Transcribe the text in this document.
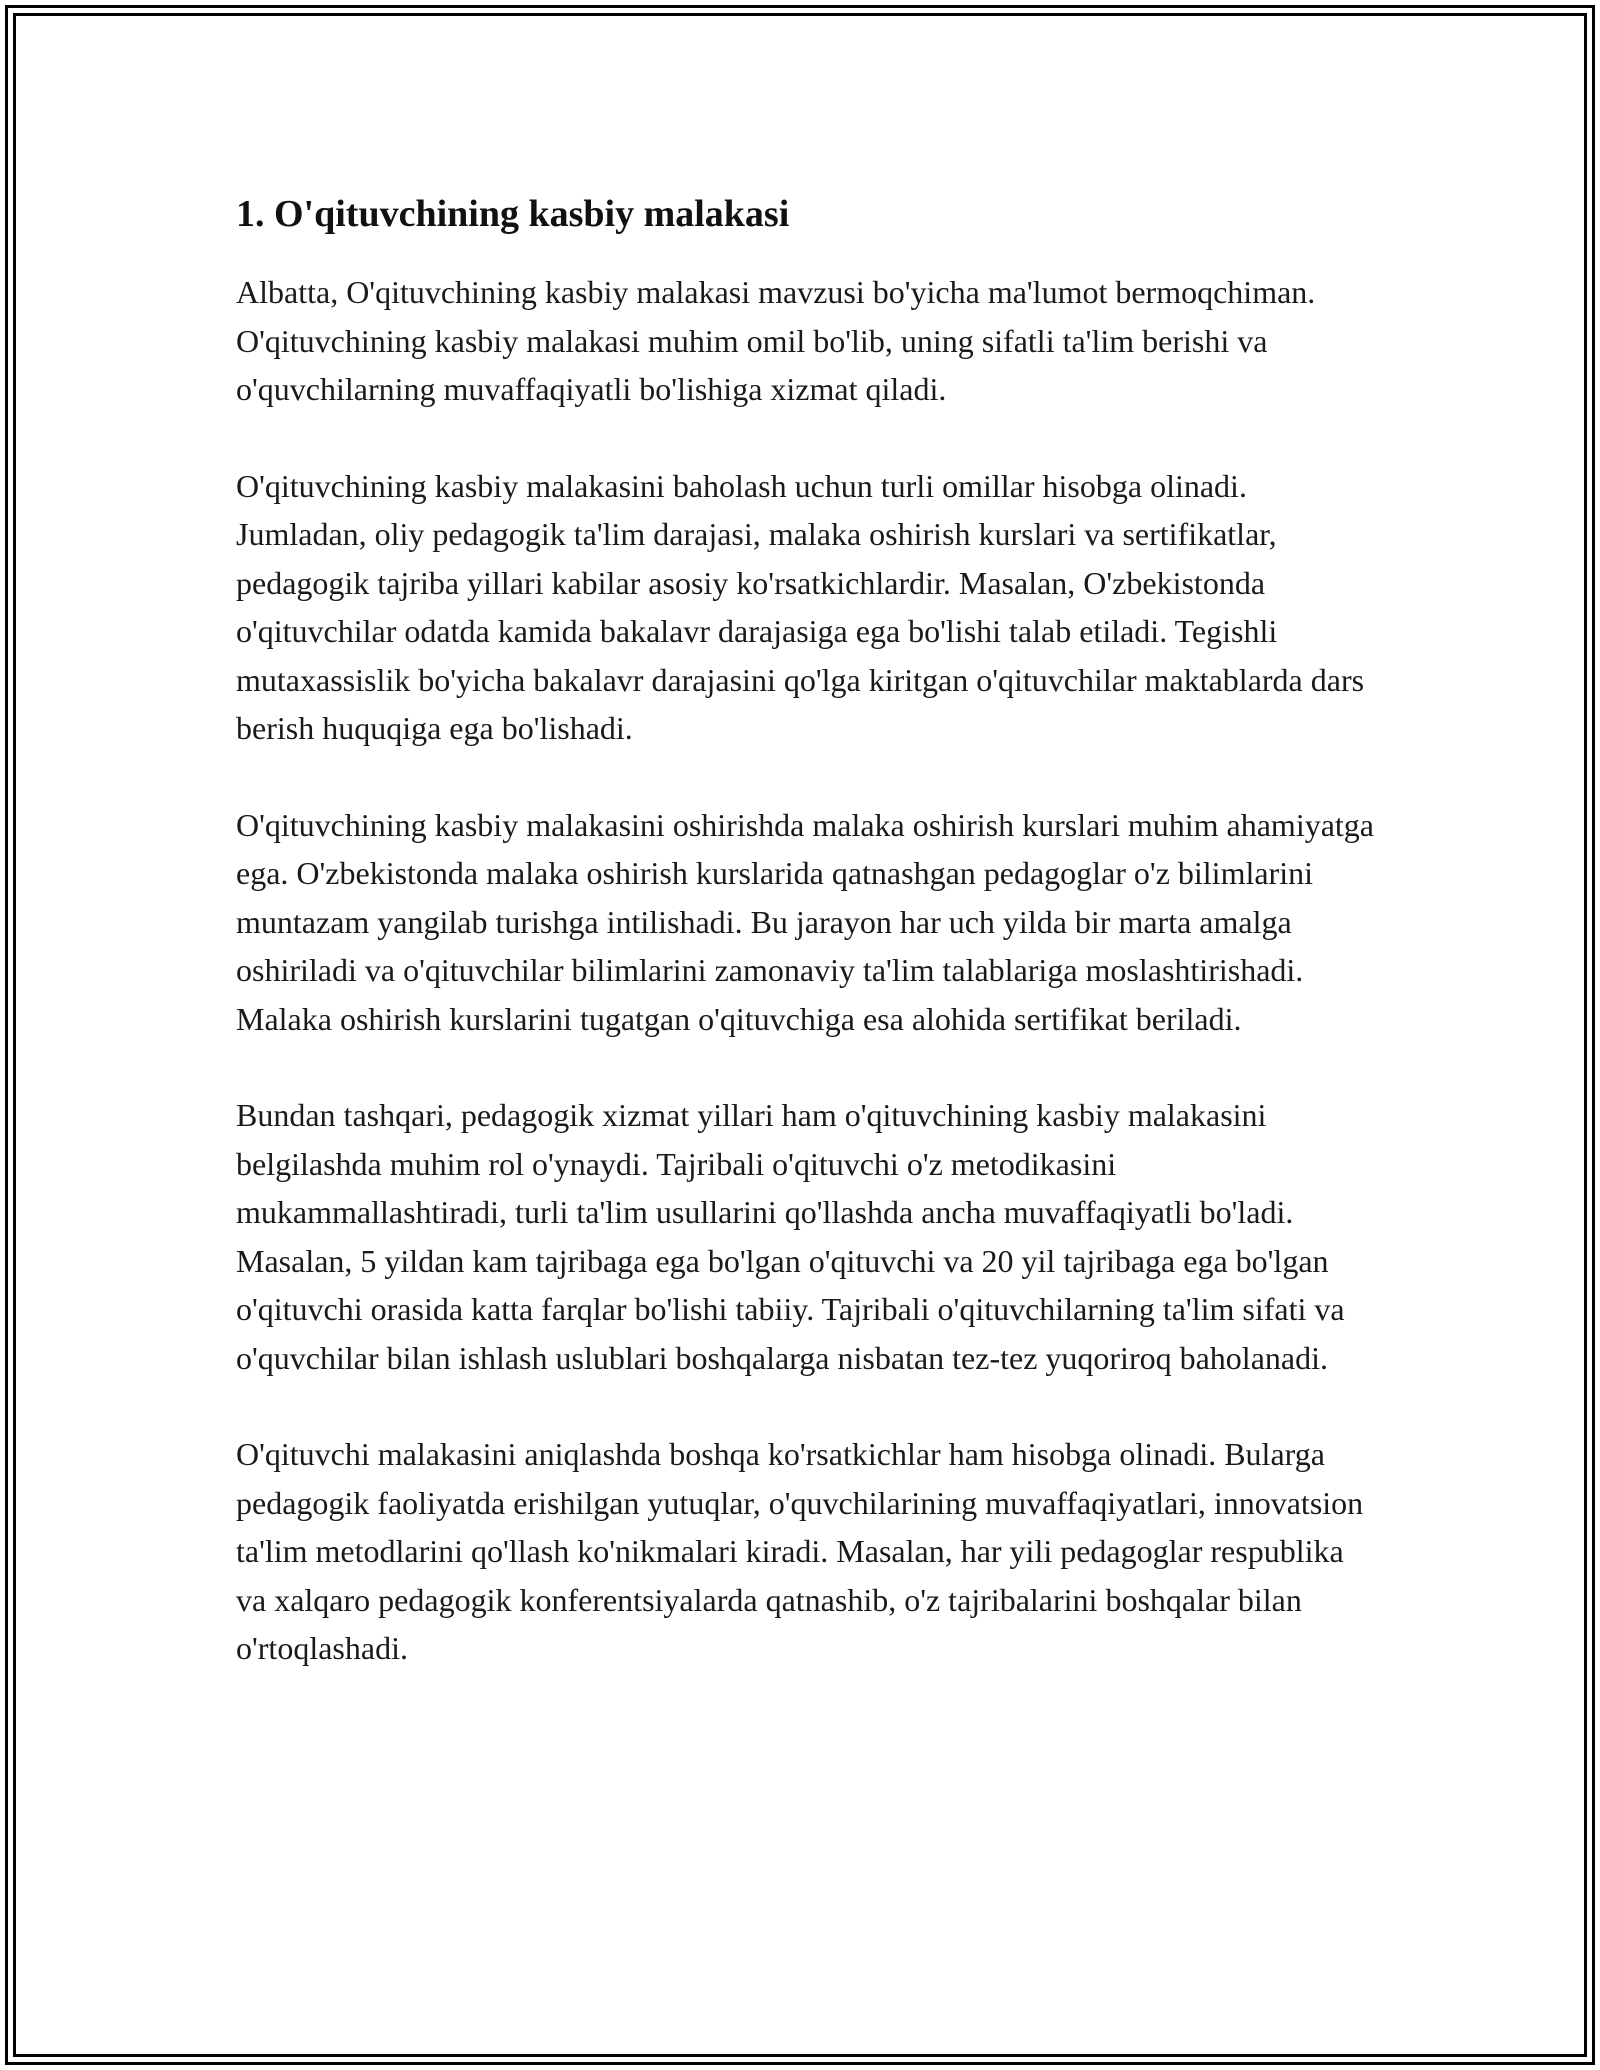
1. O'qituvchining kasbiy malakasi

Albatta, O'qituvchining kasbiy malakasi mavzusi bo'yicha ma'lumot bermoqchiman. O'qituvchining kasbiy malakasi muhim omil bo'lib, uning sifatli ta'lim berishi va o'quvchilarning muvaffaqiyatli bo'lishiga xizmat qiladi.

O'qituvchining kasbiy malakasini baholash uchun turli omillar hisobga olinadi. Jumladan, oliy pedagogik ta'lim darajasi, malaka oshirish kurslari va sertifikatlar, pedagogik tajriba yillari kabilar asosiy ko'rsatkichlardir. Masalan, O'zbekistonda o'qituvchilar odatda kamida bakalavr darajasiga ega bo'lishi talab etiladi. Tegishli mutaxassislik bo'yicha bakalavr darajasini qo'lga kiritgan o'qituvchilar maktablarda dars berish huquqiga ega bo'lishadi.

O'qituvchining kasbiy malakasini oshirishda malaka oshirish kurslari muhim ahamiyatga ega. O'zbekistonda malaka oshirish kurslarida qatnashgan pedagoglar o'z bilimlarini muntazam yangilab turishga intilishadi. Bu jarayon har uch yilda bir marta amalga oshiriladi va o'qituvchilar bilimlarini zamonaviy ta'lim talablariga moslashtirishadi. Malaka oshirish kurslarini tugatgan o'qituvchiga esa alohida sertifikat beriladi.

Bundan tashqari, pedagogik xizmat yillari ham o'qituvchining kasbiy malakasini belgilashda muhim rol o'ynaydi. Tajribali o'qituvchi o'z metodikasini mukammallashtiradi, turli ta'lim usullarini qo'llashda ancha muvaffaqiyatli bo'ladi. Masalan, 5 yildan kam tajribaga ega bo'lgan o'qituvchi va 20 yil tajribaga ega bo'lgan o'qituvchi orasida katta farqlar bo'lishi tabiiy. Tajribali o'qituvchilarning ta'lim sifati va o'quvchilar bilan ishlash uslublari boshqalarga nisbatan tez-tez yuqoriroq baholanadi.

O'qituvchi malakasini aniqlashda boshqa ko'rsatkichlar ham hisobga olinadi. Bularga pedagogik faoliyatda erishilgan yutuqlar, o'quvchilarining muvaffaqiyatlari, innovatsion ta'lim metodlarini qo'llash ko'nikmalari kiradi. Masalan, har yili pedagoglar respublika va xalqaro pedagogik konferentsiyalarda qatnashib, o'z tajribalarini boshqalar bilan o'rtoqlashadi.
